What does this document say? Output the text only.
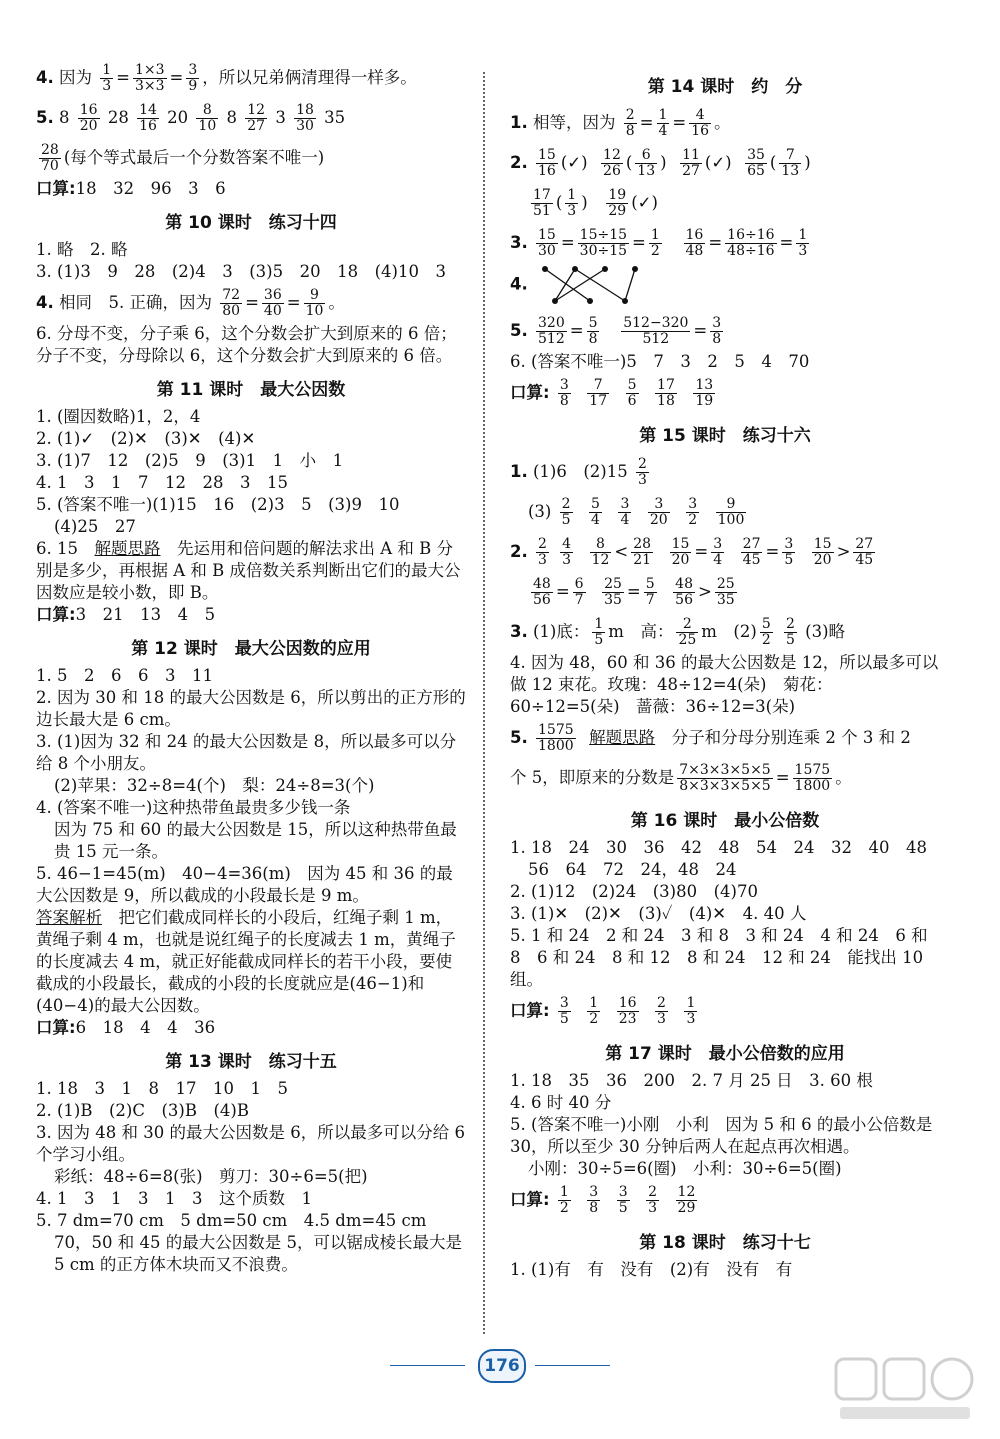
4. 因为 $\frac{1}{3} = \frac{1\times 3}{3\times 3} = \frac{3}{9}$ ，所以兄弟俩清理得一样多。

5. $8 \frac{16}{20} 28 \frac{14}{16} 20 \frac{8}{10} 8 \frac{12}{27} 3 \frac{18}{30} 35$

$\frac{28}{70}$ (每个等式最后一个分数答案不唯一)

口算:18　32　96　3　6

第 10 课时　练习十四

1. 略　2. 略

3. (1)3　9　28　(2)4　3　(3)5　20　18　(4)10　3

4. 相同　5. 正确，因为 $\frac{72}{80} = \frac{36}{40} = \frac{9}{10}$ 。

6. 分母不变，分子乘 6，这个分数会扩大到原来的 6 倍；分子不变，分母除以 6，这个分数会扩大到原来的 6 倍。

第 11 课时　最大公因数

1. (圈因数略)1，2，4

2. (1)✓　(2)✕　(3)✕　(4)✕

3. (1)7　12　(2)5　9　(3)1　1　小　1

4. 1　3　1　7　12　28　3　15

5. (答案不唯一)(1)15　16　(2)3　5　(3)9　10

(4)25　27

6. 15　解题思路　先运用和倍问题的解法求出 A 和 B 分别是多少，再根据 A 和 B 成倍数关系判断出它们的最大公因数应是较小数，即 B。

口算:3　21　13　4　5

第 12 课时　最大公因数的应用

1. 5　2　6　6　3　11

2. 因为 30 和 18 的最大公因数是 6，所以剪出的正方形的边长最大是 6 cm。

3. (1)因为 32 和 24 的最大公因数是 8，所以最多可以分给 8 个小朋友。

(2)苹果：32÷8=4(个)　梨：24÷8=3(个)

4. (答案不唯一)这种热带鱼最贵多少钱一条

因为 75 和 60 的最大公因数是 15，所以这种热带鱼最贵 15 元一条。

5. 46−1=45(m)　40−4=36(m)　因为 45 和 36 的最大公因数是 9，所以截成的小段最长是 9 m。

答案解析　把它们截成同样长的小段后，红绳子剩 1 m，黄绳子剩 4 m，也就是说红绳子的长度减去 1 m，黄绳子的长度减去 4 m，就正好能截成同样长的若干小段，要使截成的小段最长，截成的小段的长度就应是(46−1)和(40−4)的最大公因数。

口算:6　18　4　4　36

第 13 课时　练习十五

1. 18　3　1　8　17　10　1　5

2. (1)B　(2)C　(3)B　(4)B

3. 因为 48 和 30 的最大公因数是 6，所以最多可以分给 6 个学习小组。

彩纸：48÷6=8(张)　剪刀：30÷6=5(把)

4. 1　3　1　3　1　3　这个质数　1

5. 7 dm=70 cm　5 dm=50 cm　4.5 dm=45 cm

70，50 和 45 的最大公因数是 5，可以锯成棱长最大是 5 cm 的正方体木块而又不浪费。

第 14 课时　约　分

1. 相等，因为 $\frac{2}{8} = \frac{1}{4} = \frac{4}{16}$ 。

2. $\frac{15}{16}$ (✓) $\frac{12}{26}$ ( $\frac{6}{13}$ ) $\frac{11}{27}$ (✓) $\frac{35}{65}$ ( $\frac{7}{13}$ )

$\frac{17}{51}$ ( $\frac{1}{3}$ ) $\frac{19}{29}$ (✓)

3. $\frac{15}{30} = \frac{15\div 15}{30\div 15} = \frac{1}{2}$
$\frac{16}{48} = \frac{16\div 16}{48\div 16} = \frac{1}{3}$

4.

5. $\frac{320}{512} = \frac{5}{8}$
$\frac{512-320}{512} = \frac{3}{8}$

6. (答案不唯一)5　7　3　2　5　4　70

口算: $\frac{3}{8}$
$\frac{7}{17}$
$\frac{5}{6}$
$\frac{17}{18}$
$\frac{13}{19}$

第 15 课时　练习十六

1. (1)6　$(2)15 \frac{2}{3}$

$(3) \frac{2}{5}$
$\frac{5}{4}$
$\frac{3}{4}$
$\frac{3}{20}$
$\frac{3}{2}$
$\frac{9}{100}$

2. $\frac{2}{3}$
$\frac{4}{3}$
$\frac{8}{12} < \frac{28}{21}$
$\frac{15}{20} = \frac{3}{4}$
$\frac{27}{45} = \frac{3}{5}$
$\frac{15}{20} > \frac{27}{45}$

$\frac{48}{56} = \frac{6}{7}$
$\frac{25}{35} = \frac{5}{7}$
$\frac{48}{56} > \frac{25}{35}$

3. (1)底： $\frac{1}{5}$ m　高： $\frac{2}{25}$ m　$(2) \frac{5}{2}$
$\frac{2}{5} (3)$略

4. 因为 48，60 和 36 的最大公因数是 12，所以最多可以做 12 束花。玫瑰：48÷12=4(朵)　菊花：60÷12=5(朵)　蔷薇：36÷12=3(朵)

5. $\frac{1575}{1800}$ 解题思路　分子和分母分别连乘 2 个 3 和 2

个 5，即原来的分数是 $\frac{7\times 3\times 3\times 5\times 5}{8\times 3\times 3\times 5\times 5} = \frac{1575}{1800}$ 。

第 16 课时　最小公倍数

1. 18　24　30　36　42　48　54　24　32　40　48

56　64　72　24，48　24

2. (1)12　(2)24　(3)80　(4)70

3. (1)✕　(2)✕　(3)✓　(4)✕　4. 40 人

5. 1 和 24　2 和 24　3 和 8　3 和 24　4 和 24　6 和 8　6 和 24　8 和 12　8 和 24　12 和 24　能找出 10 组。

口算: $\frac{3}{5}$
$\frac{1}{2}$
$\frac{16}{23}$
$\frac{2}{3}$
$\frac{1}{3}$

第 17 课时　最小公倍数的应用

1. 18　35　36　200　2. 7 月 25 日　3. 60 根

4. 6 时 40 分

5. (答案不唯一)小刚　小利　因为 5 和 6 的最小公倍数是 30，所以至少 30 分钟后两人在起点再次相遇。

小刚：30÷5=6(圈)　小利：30÷6=5(圈)

口算: $\frac{1}{2}$
$\frac{3}{8}$
$\frac{3}{5}$
$\frac{2}{3}$
$\frac{12}{29}$

第 18 课时　练习十七

1. (1)有　有　没有　(2)有　没有　有

176
